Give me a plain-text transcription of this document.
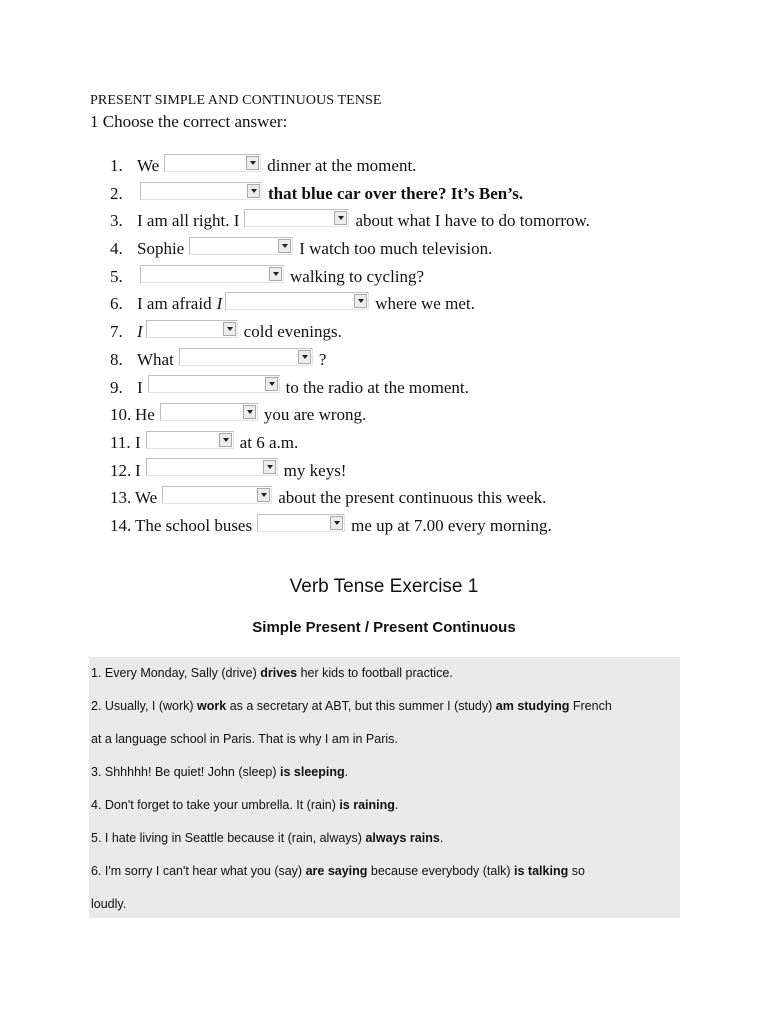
PRESENT SIMPLE AND CONTINUOUS TENSE

1 Choose the correct answer:

1. We	dinner at the moment.
2.	that blue car over there? It’s Ben’s.
3. I am all right. I	about what I have to do tomorrow.
4. Sophie	I watch too much television.
5.	walking to cycling?
6. I am afraid I	where we met.
7. I	cold evenings.
8. What	?
9. I	to the radio at the moment.
10. He	you are wrong.
11. I	at 6 a.m.
12. I	my keys!
13. We	about the present continuous this week.
14. The school buses	me up at 7.00 every morning.
Verb Tense Exercise 1
Simple Present / Present Continuous

1. Every Monday, Sally (drive) drives her kids to football practice.

2. Usually, I (work) work as a secretary at ABT, but this summer I (study) am studying French

at a language school in Paris. That is why I am in Paris.

3. Shhhhh! Be quiet! John (sleep) is sleeping.

4. Don't forget to take your umbrella. It (rain) is raining.

5. I hate living in Seattle because it (rain, always) always rains.

6. I'm sorry I can't hear what you (say) are saying because everybody (talk) is talking so

loudly.
